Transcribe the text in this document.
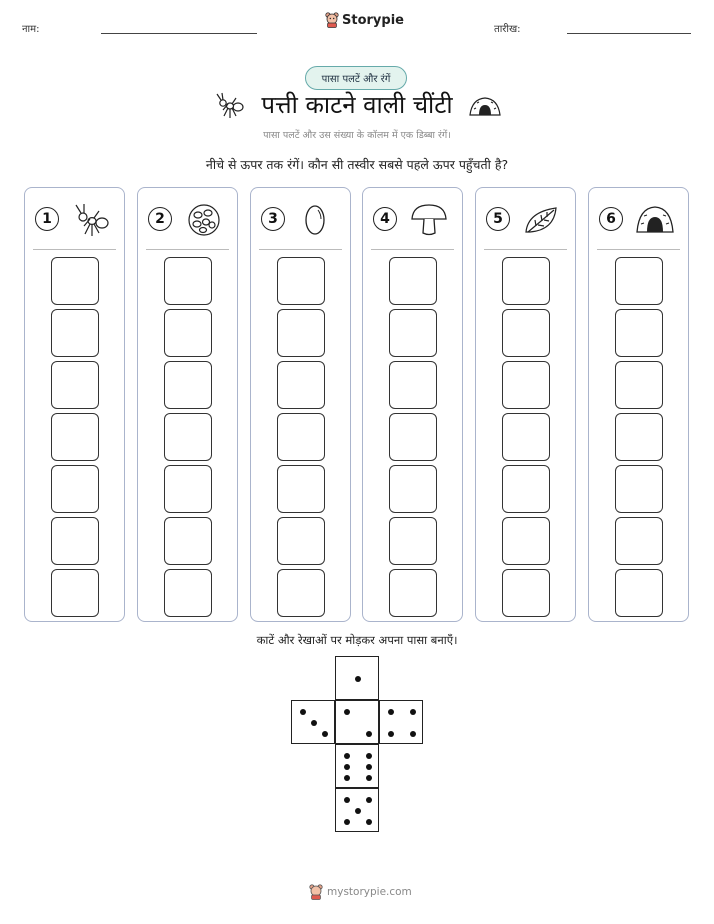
नाम:
Storypie
तारीख:
पासा पलटें और रंगें
पत्ती काटने वाली चींटी
पासा पलटें और उस संख्या के कॉलम में एक डिब्बा रंगें।
नीचे से ऊपर तक रंगें। कौन सी तस्वीर सबसे पहले ऊपर पहुँचती है?
1	2	3	4	5	6
काटें और रेखाओं पर मोड़कर अपना पासा बनाएँ।
mystorypie.com
